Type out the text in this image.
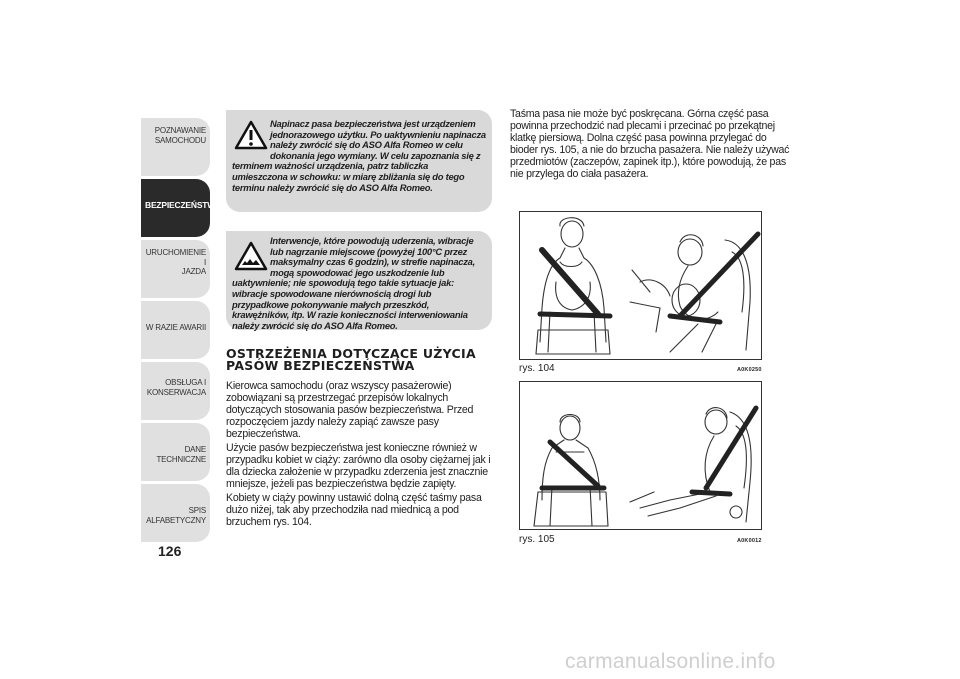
POZNAWANIE
SAMOCHODU
BEZPIECZEŃSTWO
URUCHOMIENIE I
JAZDA
W RAZIE AWARII
OBSŁUGA I
KONSERWACJA
DANE TECHNICZNE
SPIS ALFABETYCZNY
126
Napinacz pasa bezpieczeństwa jest urządzeniem jednorazowego użytku. Po uaktywnieniu napinacza należy zwrócić się do ASO Alfa Romeo w celu dokonania jego wymiany. W celu zapoznania się z terminem ważności urządzenia, patrz tabliczka umieszczona w schowku: w miarę zbliżania się do tego terminu należy zwrócić się do ASO Alfa Romeo.
Interwencje, które powodują uderzenia, wibracje lub nagrzanie miejscowe (powyżej 100°C przez maksymalny czas 6 godzin), w strefie napinacza, mogą spowodować jego uszkodzenie lub uaktywnienie; nie spowodują tego takie sytuacje jak: wibracje spowodowane nierównością drogi lub przypadkowe pokonywanie małych przeszkód, krawężników, itp. W razie konieczności interweniowania należy zwrócić się do ASO Alfa Romeo.
OSTRZEŻENIA DOTYCZĄCE UŻYCIA PASÓW BEZPIECZEŃSTWA
Kierowca samochodu (oraz wszyscy pasażerowie) zobowiązani są przestrzegać przepisów lokalnych dotyczących stosowania pasów bezpieczeństwa. Przed rozpoczęciem jazdy należy zapiąć zawsze pasy bezpieczeństwa.
Użycie pasów bezpieczeństwa jest konieczne również w przypadku kobiet w ciąży: zarówno dla osoby ciężarnej jak i dla dziecka założenie w przypadku zderzenia jest znacznie mniejsze, jeżeli pas bezpieczeństwa będzie zapięty.
Kobiety w ciąży powinny ustawić dolną część taśmy pasa dużo niżej, tak aby przechodziła nad miednicą a pod brzuchem rys. 104.
Taśma pasa nie może być poskręcana. Górna część pasa powinna przechodzić nad plecami i przecinać po przekątnej klatkę piersiową. Dolna część pasa powinna przylegać do bioder rys. 105, a nie do brzucha pasażera. Nie należy używać przedmiotów (zaczepów, zapinek itp.), które powodują, że pas nie przylega do ciała pasażera.
rys. 104	A0K0250
rys. 105	A0K0012
carmanualsonline.info
